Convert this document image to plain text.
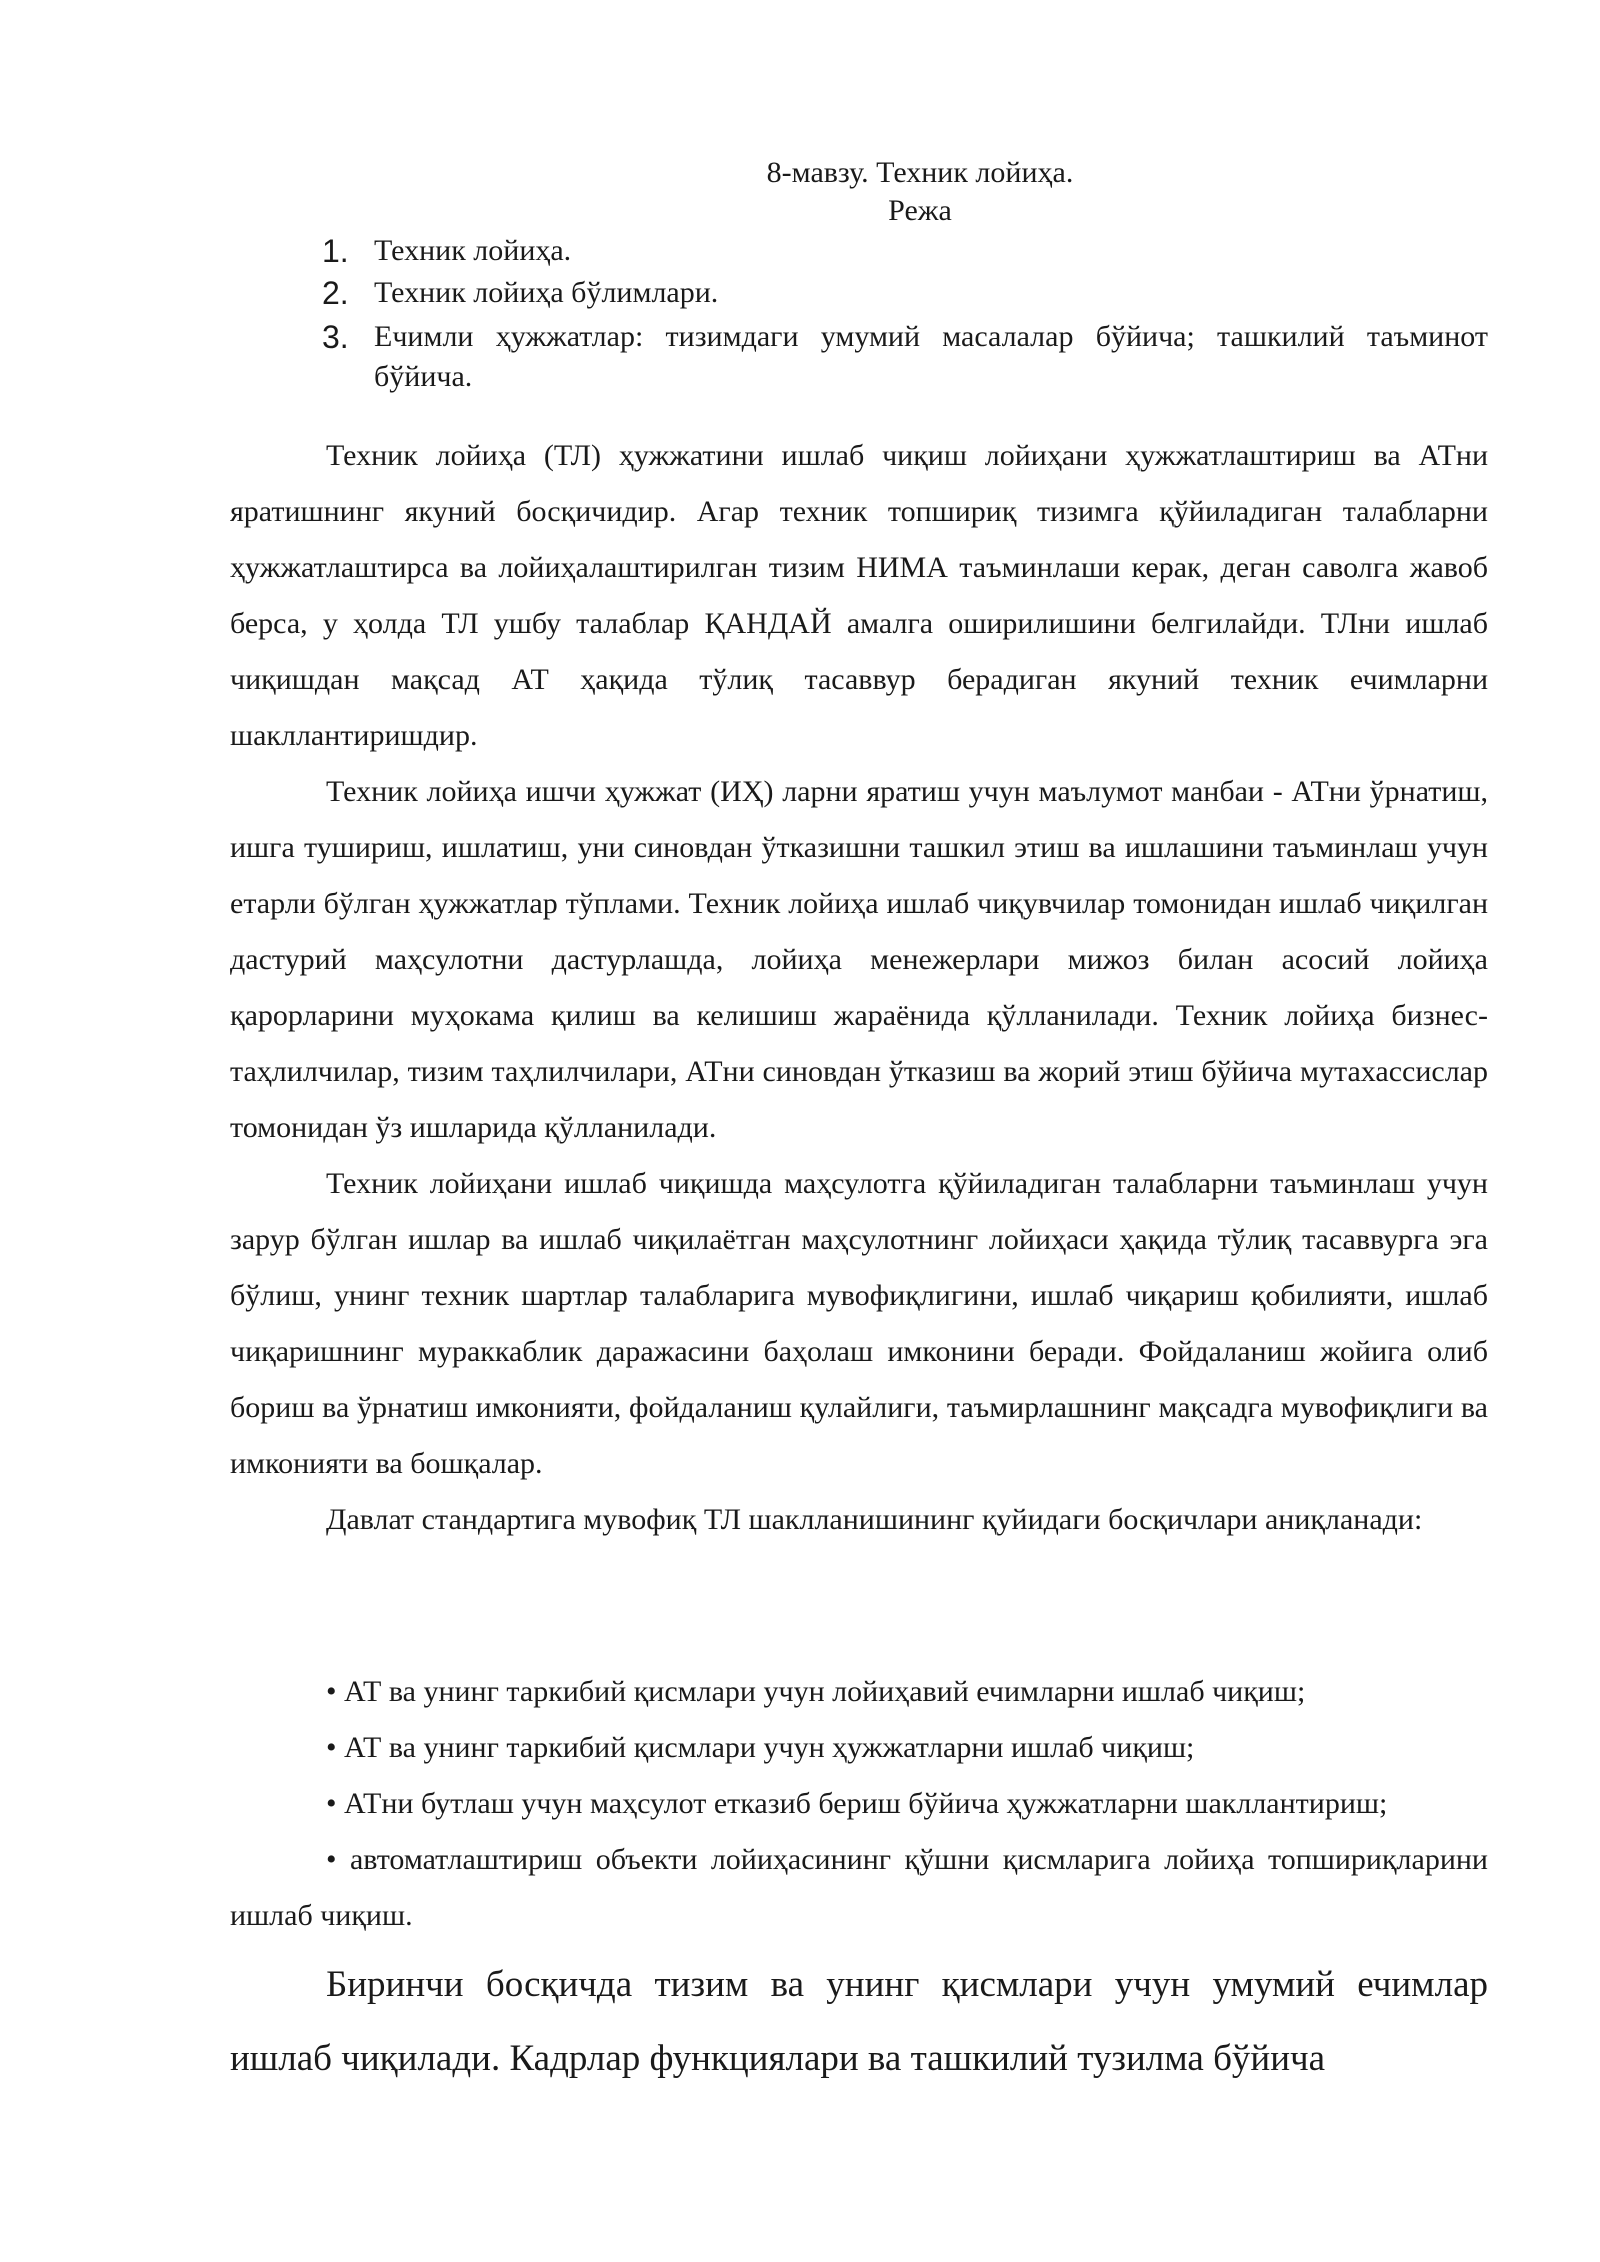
8-мавзу. Техник лойиҳа.
Режа
1. Техник лойиҳа.
2. Техник лойиҳа бўлимлари.
3. Ечимли ҳужжатлар: тизимдаги умумий масалалар бўйича; ташкилий таъминот бўйича.

Техник лойиҳа (ТЛ) ҳужжатини ишлаб чиқиш лойиҳани ҳужжатлаштириш ва АТни яратишнинг якуний босқичидир. Агар техник топшириқ тизимга қўйиладиган талабларни ҳужжатлаштирса ва лойиҳалаштирилган тизим НИМА таъминлаши керак, деган саволга жавоб берса, у ҳолда ТЛ ушбу талаблар ҚАНДАЙ амалга оширилишини белгилайди. ТЛни ишлаб чиқишдан мақсад АТ ҳақида тўлиқ тасаввур берадиган якуний техник ечимларни шакллантиришдир.

Техник лойиҳа ишчи ҳужжат (ИҲ) ларни яратиш учун маълумот манбаи - АТни ўрнатиш, ишга тушириш, ишлатиш, уни синовдан ўтказишни ташкил этиш ва ишлашини таъминлаш учун етарли бўлган ҳужжатлар тўплами. Техник лойиҳа ишлаб чиқувчилар томонидан ишлаб чиқилган дастурий маҳсулотни дастурлашда, лойиҳа менежерлари мижоз билан асосий лойиҳа қарорларини муҳокама қилиш ва келишиш жараёнида қўлланилади. Техник лойиҳа бизнес-таҳлилчилар, тизим таҳлилчилари, АТни синовдан ўтказиш ва жорий этиш бўйича мутахассислар томонидан ўз ишларида қўлланилади.

Техник лойиҳани ишлаб чиқишда маҳсулотга қўйиладиган талабларни таъминлаш учун зарур бўлган ишлар ва ишлаб чиқилаётган маҳсулотнинг лойиҳаси ҳақида тўлиқ тасаввурга эга бўлиш, унинг техник шартлар талабларига мувофиқлигини, ишлаб чиқариш қобилияти, ишлаб чиқаришнинг мураккаблик даражасини баҳолаш имконини беради. Фойдаланиш жойига олиб бориш ва ўрнатиш имконияти, фойдаланиш қулайлиги, таъмирлашнинг мақсадга мувофиқлиги ва имконияти ва бошқалар.

Давлат стандартига мувофиқ ТЛ шаклланишининг қуйидаги босқичлари аниқланади:

• АТ ва унинг таркибий қисмлари учун лойиҳавий ечимларни ишлаб чиқиш;

• АТ ва унинг таркибий қисмлари учун ҳужжатларни ишлаб чиқиш;

• АТни бутлаш учун маҳсулот етказиб бериш бўйича ҳужжатларни шакллантириш;

• автоматлаштириш объекти лойиҳасининг қўшни қисмларига лойиҳа топшириқларини ишлаб чиқиш.

Биринчи босқичда тизим ва унинг қисмлари учун умумий ечимлар ишлаб чиқилади. Кадрлар функциялари ва ташкилий тузилма бўйича
